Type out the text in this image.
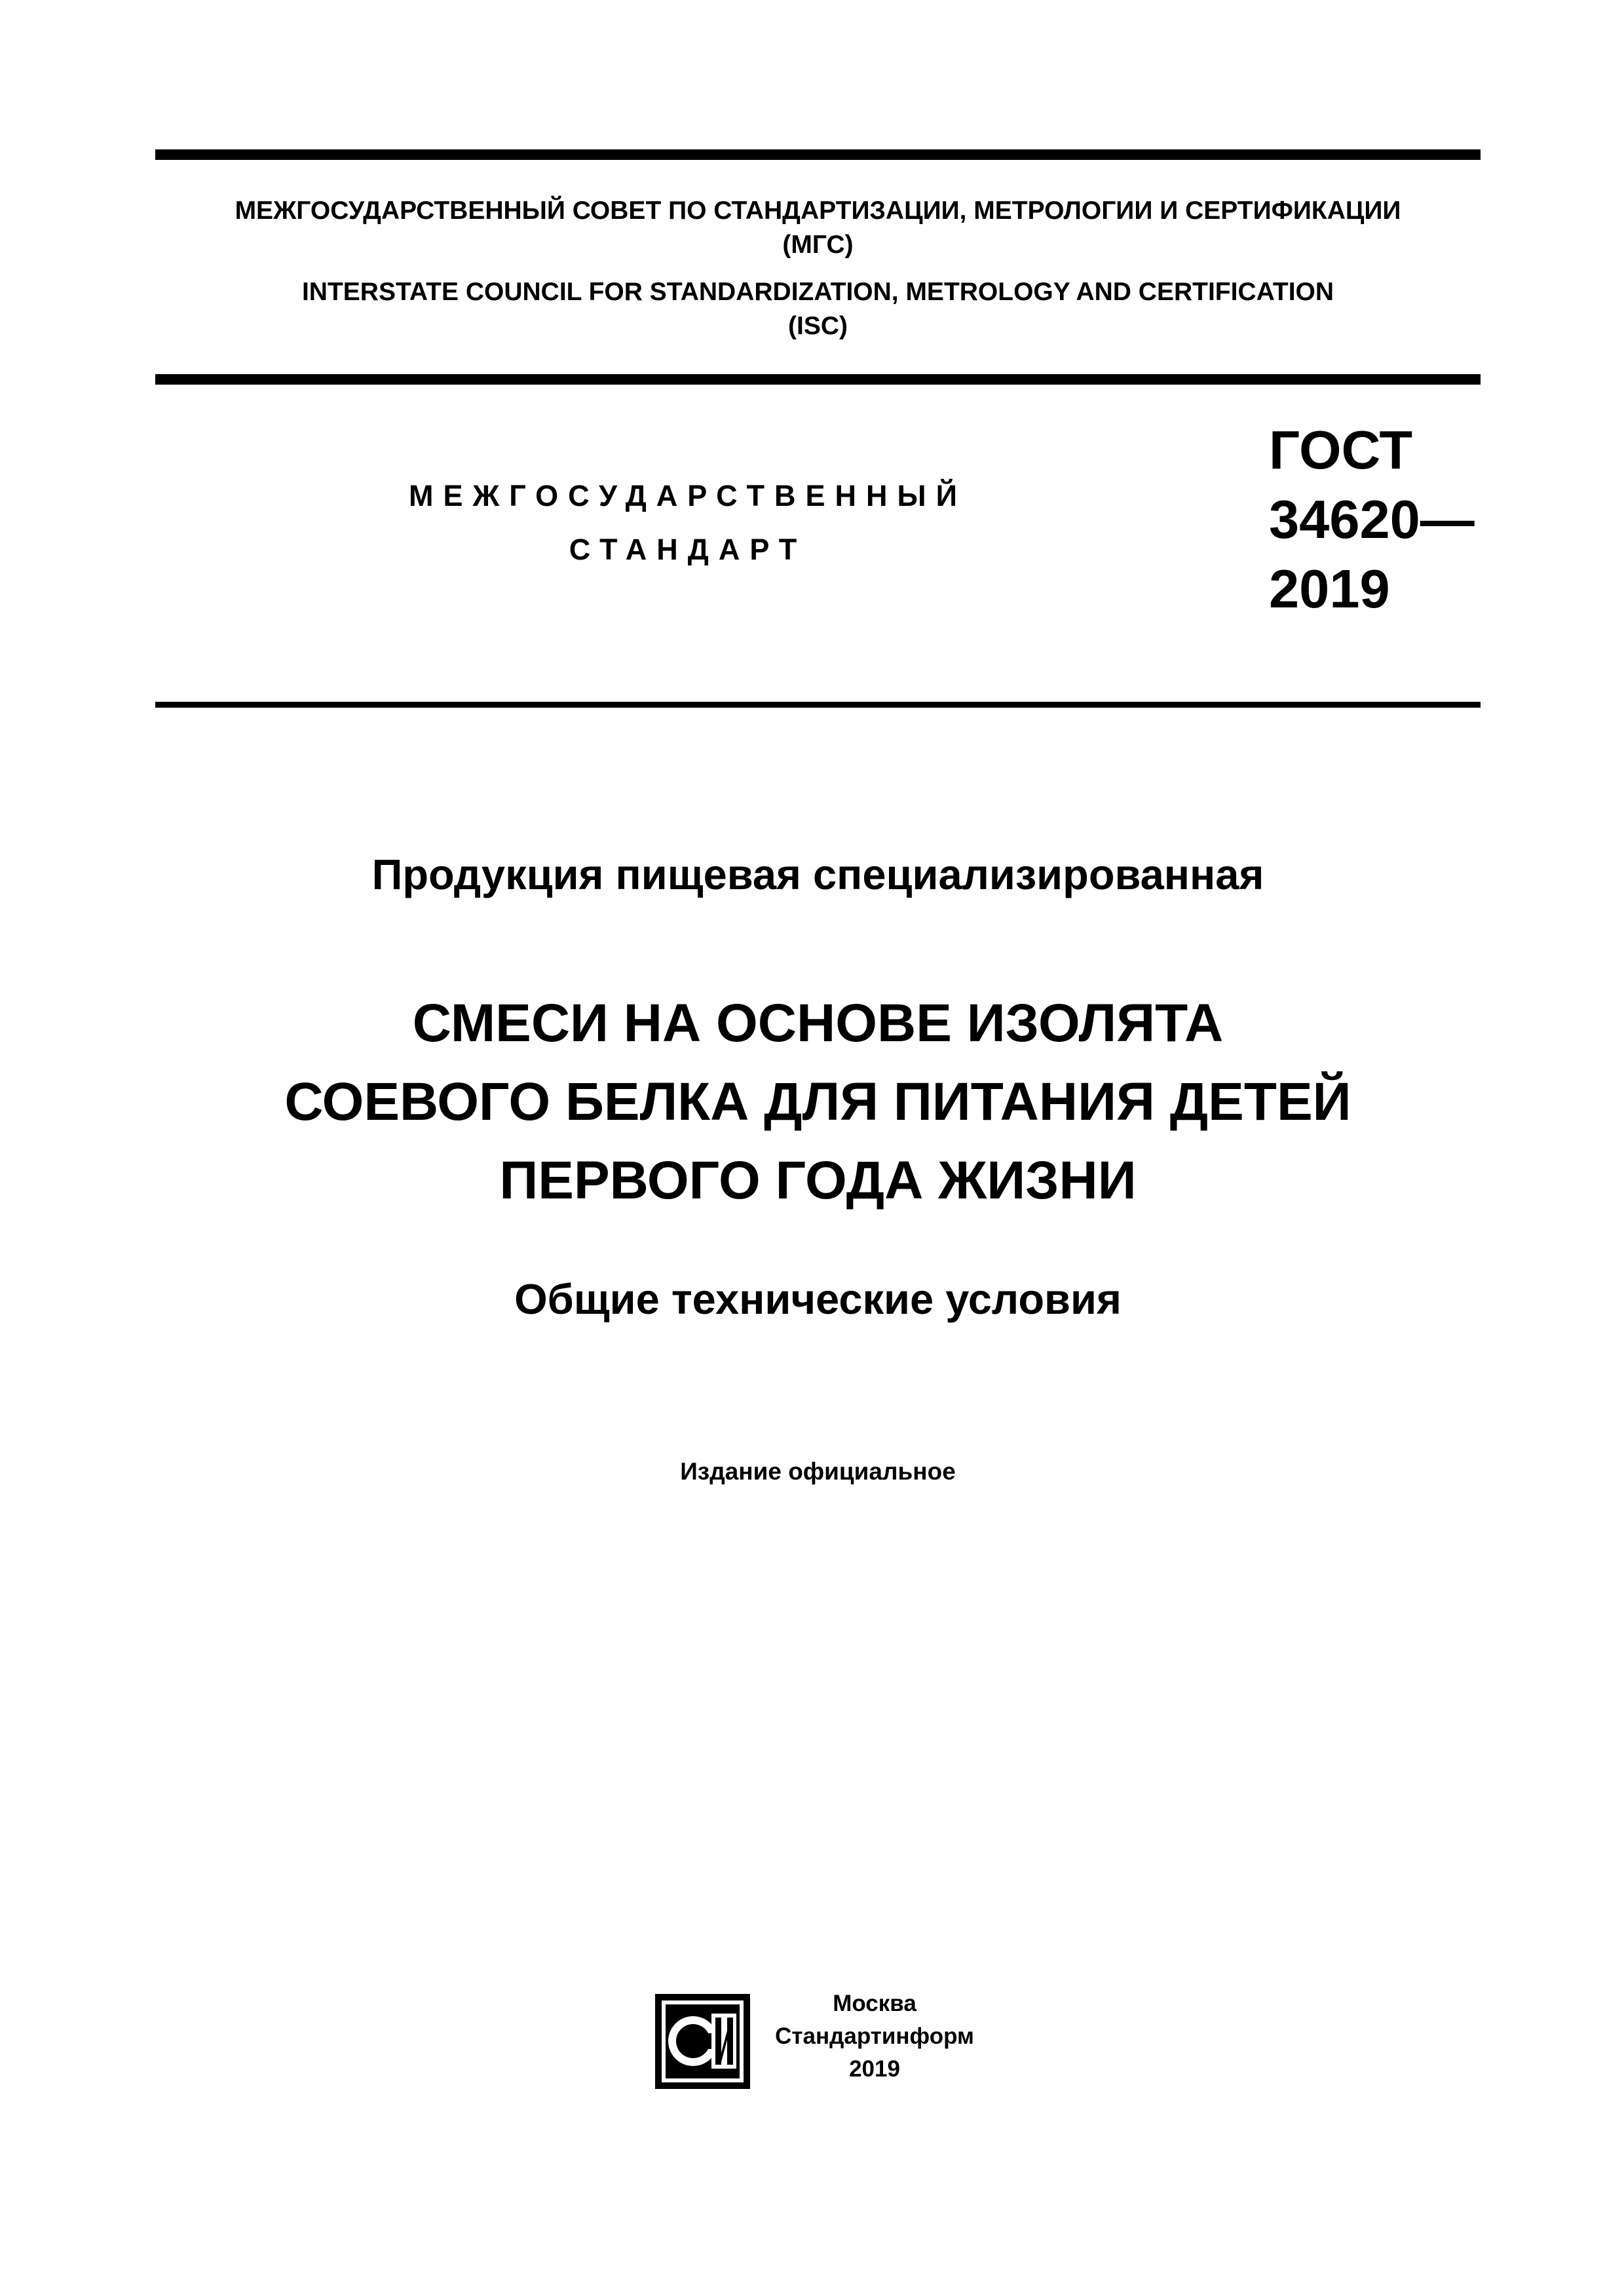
МЕЖГОСУДАРСТВЕННЫЙ СОВЕТ ПО СТАНДАРТИЗАЦИИ, МЕТРОЛОГИИ И СЕРТИФИКАЦИИ
(МГС)
INTERSTATE COUNCIL FOR STANDARDIZATION, METROLOGY AND CERTIFICATION
(ISC)
МЕЖГОСУДАРСТВЕННЫЙ
СТАНДАРТ
ГОСТ
34620—
2019
Продукция пищевая специализированная
СМЕСИ НА ОСНОВЕ ИЗОЛЯТА
СОЕВОГО БЕЛКА ДЛЯ ПИТАНИЯ ДЕТЕЙ
ПЕРВОГО ГОДА ЖИЗНИ
Общие технические условия
Издание официальное
СтИ
Москва
Стандартинформ
2019
